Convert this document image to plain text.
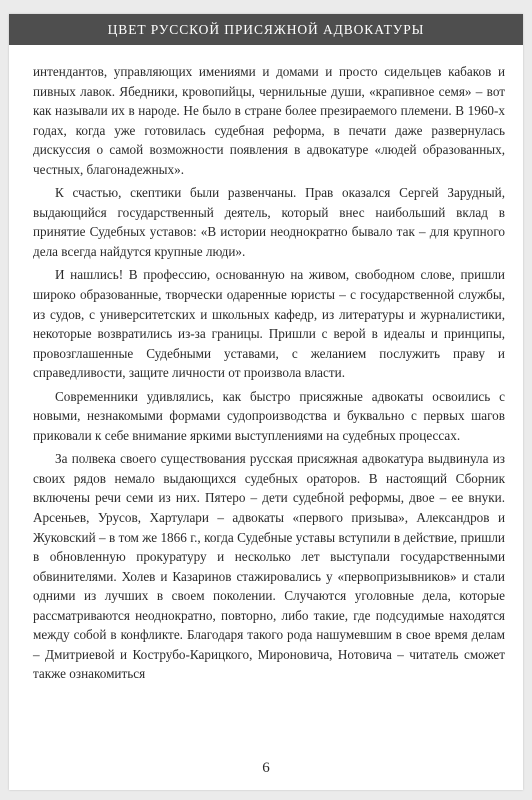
ЦВЕТ РУССКОЙ ПРИСЯЖНОЙ АДВОКАТУРЫ

интендантов, управляющих имениями и домами и просто сидельцев кабаков и пивных лавок. Ябедники, кровопийцы, чернильные души, «крапивное семя» – вот как называли их в народе. Не было в стране более презираемого племени. В 1960-х годах, когда уже готовилась судебная реформа, в печати даже развернулась дискуссия о самой возможности появления в адвокатуре «людей образованных, честных, благонадежных».

К счастью, скептики были развенчаны. Прав оказался Сергей Зарудный, выдающийся государственный деятель, который внес наибольший вклад в принятие Судебных уставов: «В истории неоднократно бывало так – для крупного дела всегда найдутся крупные люди».

И нашлись! В профессию, основанную на живом, свободном слове, пришли широко образованные, творчески одаренные юристы – с государственной службы, из судов, с университетских и школьных кафедр, из литературы и журналистики, некоторые возвратились из-за границы. Пришли с верой в идеалы и принципы, провозглашенные Судебными уставами, с желанием послужить праву и справедливости, защите личности от произвола власти.

Современники удивлялись, как быстро присяжные адвокаты освоились с новыми, незнакомыми формами судопроизводства и буквально с первых шагов приковали к себе внимание яркими выступлениями на судебных процессах.

За полвека своего существования русская присяжная адвокатура выдвинула из своих рядов немало выдающихся судебных ораторов. В настоящий Сборник включены речи семи из них. Пятеро – дети судебной реформы, двое – ее внуки. Арсеньев, Урусов, Хартулари – адвокаты «первого призыва», Александров и Жуковский – в том же 1866 г., когда Судебные уставы вступили в действие, пришли в обновленную прокуратуру и несколько лет выступали государственными обвинителями. Холев и Казаринов стажировались у «первопризывников» и стали одними из лучших в своем поколении. Случаются уголовные дела, которые рассматриваются неоднократно, повторно, либо такие, где подсудимые находятся между собой в конфликте. Благодаря такого рода нашумевшим в свое время делам – Дмитриевой и Кострубо-Карицкого, Мироновича, Нотовича – читатель сможет также ознакомиться

6
